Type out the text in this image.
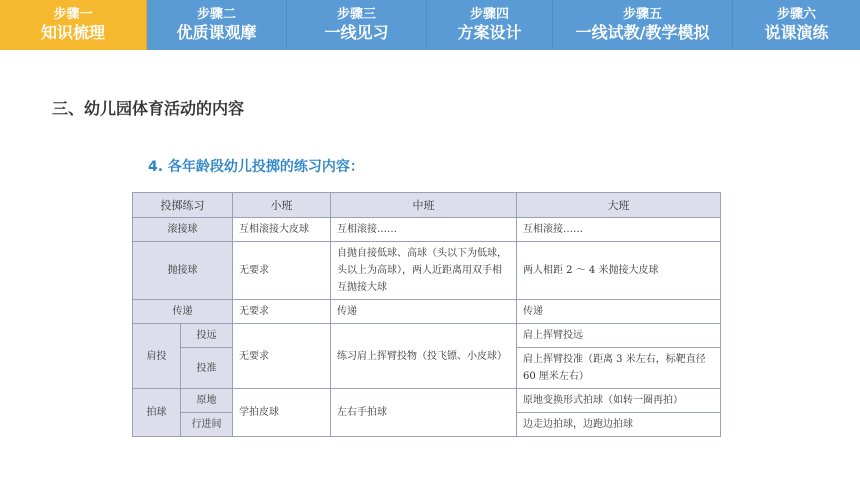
步骤一
知识梳理
步骤二
优质课观摩
步骤三
一线见习
步骤四
方案设计
步骤五
一线试教/教学模拟
步骤六
说课演练
三、幼儿园体育活动的内容
4. 各年龄段幼儿投掷的练习内容：
投掷练习		小班	中班	大班
滚接球		互相滚接大皮球	互相滚接……	互相滚接……
抛接球		无要求	自抛自接低球、高球（头以下为低球，头以上为高球），两人近距离用双手相互抛接大球	两人相距 2 ～ 4 米抛接大皮球
传递		无要求	传递	传递
肩投	投远	无要求	练习肩上挥臂投物（投飞镖、小皮球）	肩上挥臂投远
	投准			肩上挥臂投准（距离 3 米左右，标靶直径 60 厘米左右）
拍球	原地	学拍皮球	左右手拍球	原地变换形式拍球（如转一圈再拍）
	行进间			边走边拍球，边跑边拍球
